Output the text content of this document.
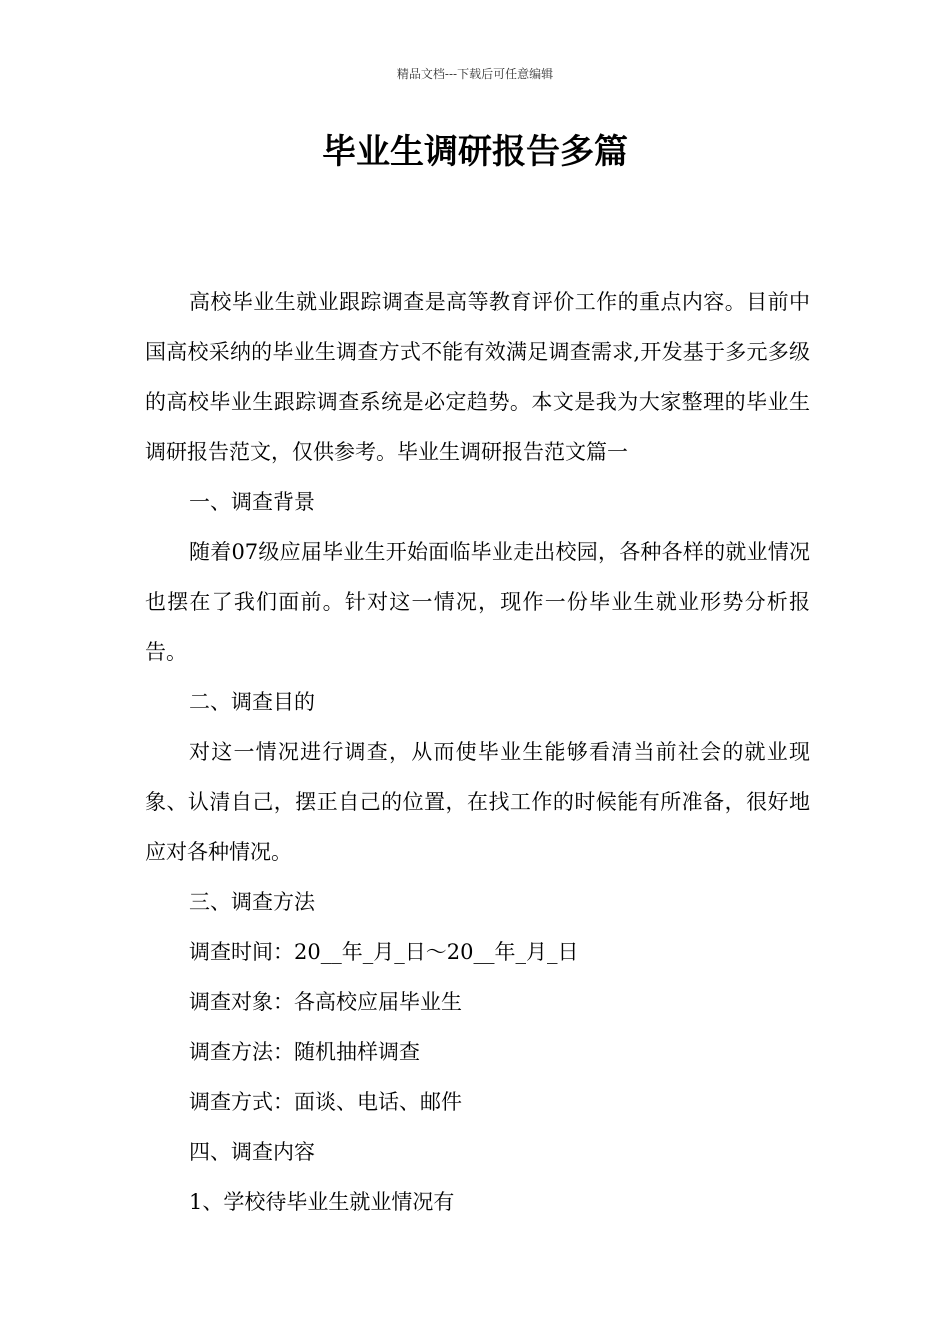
精品文档---下载后可任意编辑
毕业生调研报告多篇

高校毕业生就业跟踪调查是高等教育评价工作的重点内容。目前中国高校采纳的毕业生调查方式不能有效满足调查需求,开发基于多元多级的高校毕业生跟踪调查系统是必定趋势。本文是我为大家整理的毕业生调研报告范文，仅供参考。毕业生调研报告范文篇一

一、调查背景

随着07级应届毕业生开始面临毕业走出校园，各种各样的就业情况也摆在了我们面前。针对这一情况，现作一份毕业生就业形势分析报告。

二、调查目的

对这一情况进行调查，从而使毕业生能够看清当前社会的就业现象、认清自己，摆正自己的位置，在找工作的时候能有所准备，很好地应对各种情况。

三、调查方法

调查时间：20__年_月_日～20__年_月_日

调查对象：各高校应届毕业生

调查方法：随机抽样调查

调查方式：面谈、电话、邮件

四、调查内容

1、学校待毕业生就业情况有
